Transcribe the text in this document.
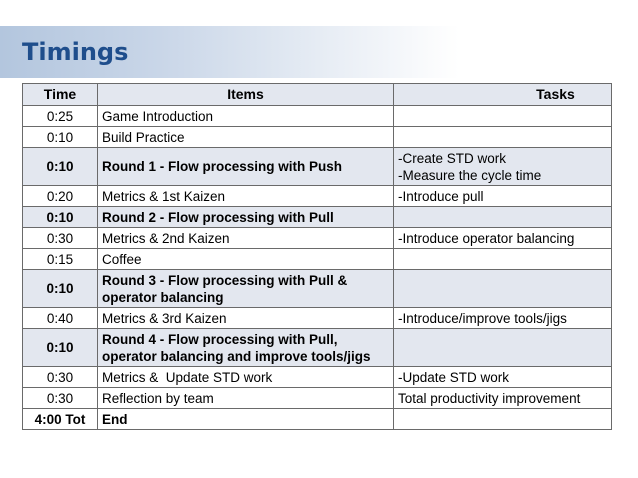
Timings
Time	Items	Tasks
0:25	Game Introduction	
0:10	Build Practice	
0:10	Round 1 - Flow processing with Push	-Create STD work
-Measure the cycle time

0:20	Metrics & 1st Kaizen	-Introduce pull
0:10	Round 2 - Flow processing with Pull	
0:30	Metrics & 2nd Kaizen	-Introduce operator balancing
0:15	Coffee	
0:10	Round 3 - Flow processing with Pull &
operator balancing	

0:40	Metrics & 3rd Kaizen	-Introduce/improve tools/jigs
0:10	Round 4 - Flow processing with Pull,
operator balancing and improve tools/jigs	

0:30	Metrics &  Update STD work	-Update STD work
0:30	Reflection by team	Total productivity improvement
4:00 Tot	End	
